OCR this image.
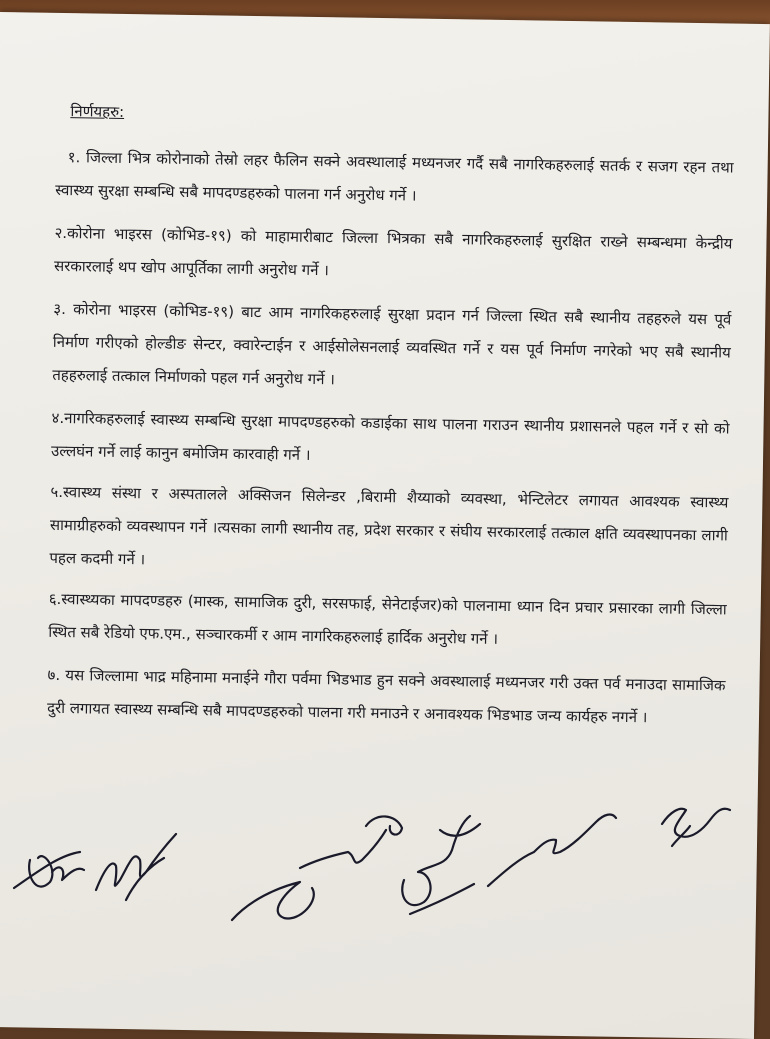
निर्णयहरु:

१. जिल्ला भित्र कोरोनाको तेस्रो लहर फैलिन सक्ने अवस्थालाई मध्यनजर गर्दै सबै नागरिकहरुलाई सतर्क र सजग रहन तथा स्वास्थ्य सुरक्षा सम्बन्धि सबै मापदण्डहरुको पालना गर्न अनुरोध गर्ने ।

२.कोरोना भाइरस (कोभिड-१९) को माहामारीबाट जिल्ला भित्रका सबै नागरिकहरुलाई सुरक्षित राख्ने सम्बन्धमा केन्द्रीय सरकारलाई थप खोप आपूर्तिका लागी अनुरोध गर्ने ।

३. कोरोना भाइरस (कोभिड-१९) बाट आम नागरिकहरुलाई सुरक्षा प्रदान गर्न जिल्ला स्थित सबै स्थानीय तहहरुले यस पूर्व निर्माण गरीएको होल्डीङ सेन्टर, क्वारेन्टाईन र आईसोलेसनलाई व्यवस्थित गर्ने र यस पूर्व निर्माण नगरेको भए सबै स्थानीय तहहरुलाई तत्काल निर्माणको पहल गर्न अनुरोध गर्ने ।

४.नागरिकहरुलाई स्वास्थ्य सम्बन्धि सुरक्षा मापदण्डहरुको कडाईका साथ पालना गराउन स्थानीय प्रशासनले पहल गर्ने र सो को उल्लघंन गर्ने लाई कानुन बमोजिम कारवाही गर्ने ।

५.स्वास्थ्य संस्था र अस्पतालले अक्सिजन सिलेन्डर ,बिरामी शैय्याको व्यवस्था, भेन्टिलेटर लगायत आवश्यक स्वास्थ्य सामाग्रीहरुको व्यवस्थापन गर्ने ।त्यसका लागी स्थानीय तह, प्रदेश सरकार र संघीय सरकारलाई तत्काल क्षति व्यवस्थापनका लागी पहल कदमी गर्ने ।

६.स्वास्थ्यका मापदण्डहरु (मास्क, सामाजिक दुरी, सरसफाई, सेनेटाईजर)को पालनामा ध्यान दिन प्रचार प्रसारका लागी जिल्ला स्थित सबै रेडियो एफ.एम., सञ्चारकर्मी र आम नागरिकहरुलाई हार्दिक अनुरोध गर्ने ।

७. यस जिल्लामा भाद्र महिनामा मनाईने गौरा पर्वमा भिडभाड हुन सक्ने अवस्थालाई मध्यनजर गरी उक्त पर्व मनाउदा सामाजिक दुरी लगायत स्वास्थ्य सम्बन्धि सबै मापदण्डहरुको पालना गरी मनाउने र अनावश्यक भिडभाड जन्य कार्यहरु नगर्ने ।
